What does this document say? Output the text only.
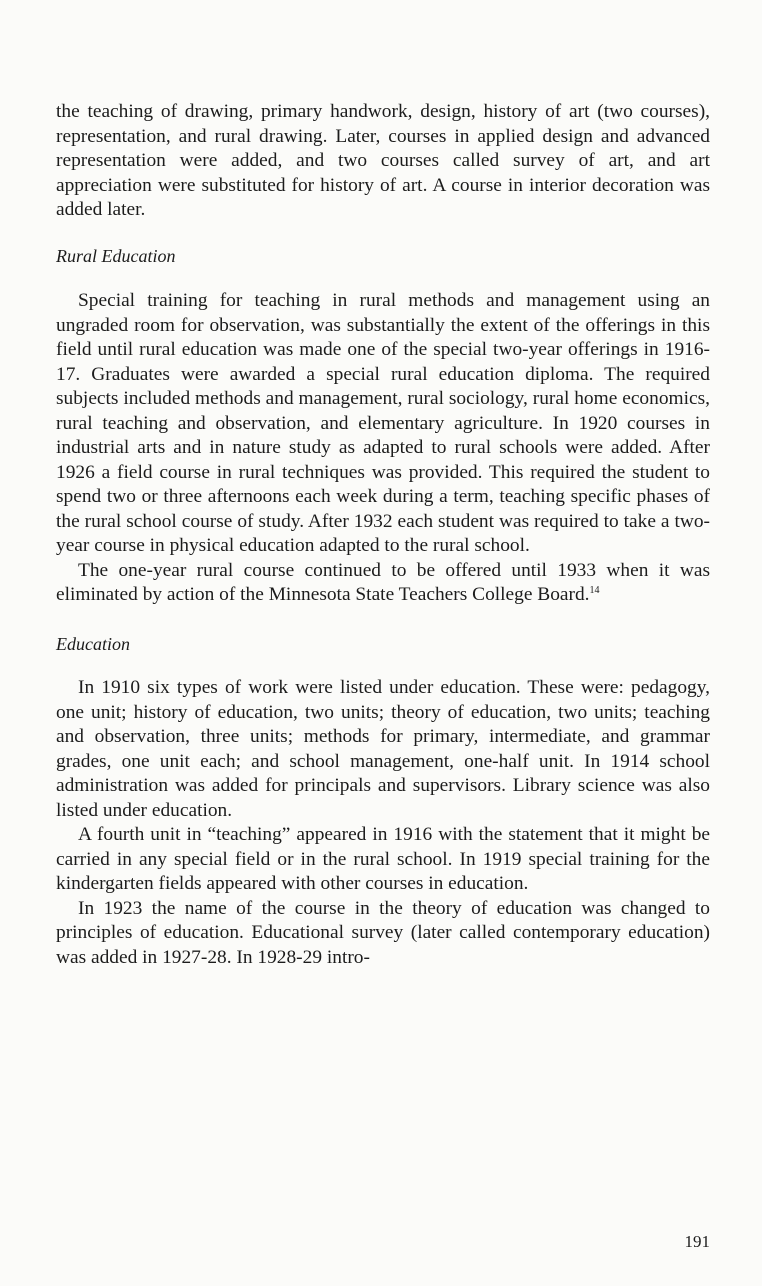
the teaching of drawing, primary handwork, design, history of art (two courses), representation, and rural drawing. Later, courses in applied design and advanced representation were added, and two courses called survey of art, and art appreciation were substituted for history of art. A course in interior decoration was added later.

Rural Education

Special training for teaching in rural methods and management using an ungraded room for observation, was substantially the extent of the offerings in this field until rural education was made one of the special two-year offerings in 1916-17. Graduates were awarded a special rural education diploma. The required subjects included methods and management, rural sociology, rural home economics, rural teaching and observation, and elementary agriculture. In 1920 courses in industrial arts and in nature study as adapted to rural schools were added. After 1926 a field course in rural techniques was provided. This required the student to spend two or three afternoons each week during a term, teaching specific phases of the rural school course of study. After 1932 each student was required to take a two-year course in physical education adapted to the rural school.

The one-year rural course continued to be offered until 1933 when it was eliminated by action of the Minnesota State Teachers College Board.$^{14}$

Education

In 1910 six types of work were listed under education. These were: pedagogy, one unit; history of education, two units; theory of education, two units; teaching and observation, three units; methods for primary, intermediate, and grammar grades, one unit each; and school management, one-half unit. In 1914 school administration was added for principals and supervisors. Library science was also listed under education.

A fourth unit in “teaching” appeared in 1916 with the statement that it might be carried in any special field or in the rural school. In 1919 special training for the kindergarten fields appeared with other courses in education.

In 1923 the name of the course in the theory of education was changed to principles of education. Educational survey (later called contemporary education) was added in 1927-28. In 1928-29 intro-

191
